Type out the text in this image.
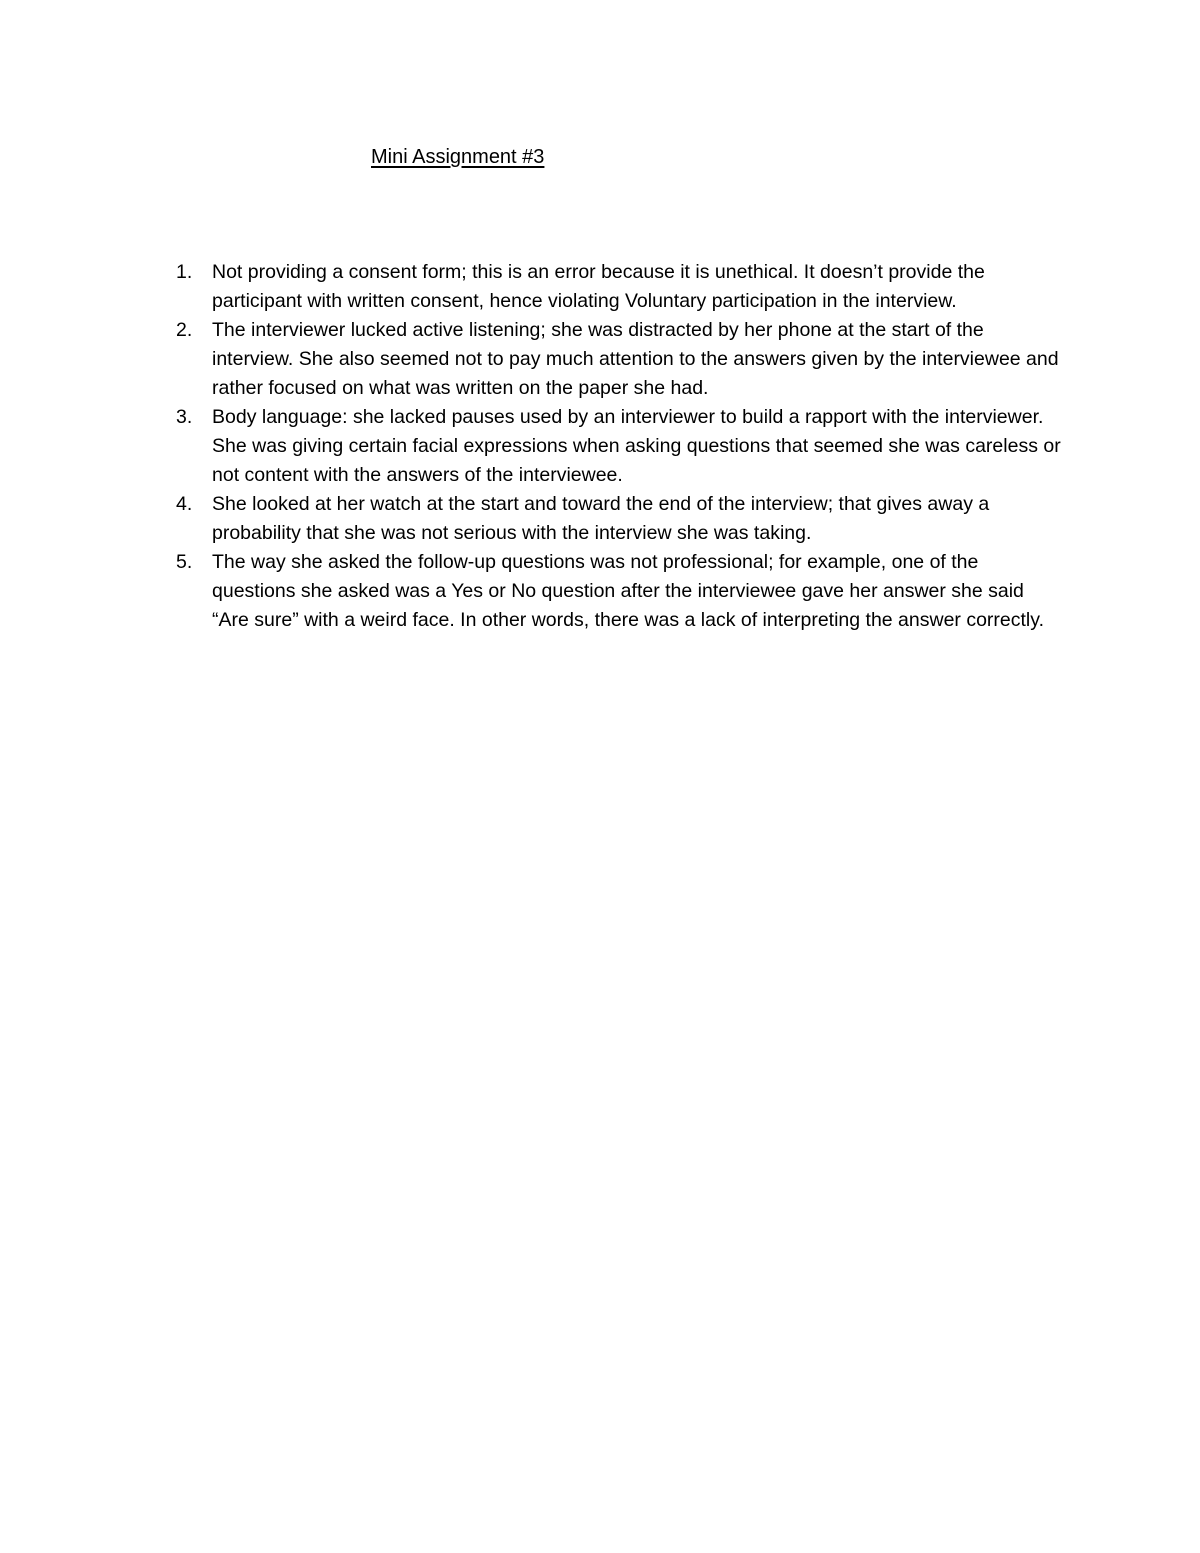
Mini Assignment #3
1. Not providing a consent form; this is an error because it is unethical. It doesn’t provide the participant with written consent, hence violating Voluntary participation in the interview.
2. The interviewer lucked active listening; she was distracted by her phone at the start of the interview. She also seemed not to pay much attention to the answers given by the interviewee and rather focused on what was written on the paper she had.
3. Body language: she lacked pauses used by an interviewer to build a rapport with the interviewer. She was giving certain facial expressions when asking questions that seemed she was careless or not content with the answers of the interviewee.
4. She looked at her watch at the start and toward the end of the interview; that gives away a probability that she was not serious with the interview she was taking.
5. The way she asked the follow-up questions was not professional; for example, one of the questions she asked was a Yes or No question after the interviewee gave her answer she said “Are sure” with a weird face. In other words, there was a lack of interpreting the answer correctly.
